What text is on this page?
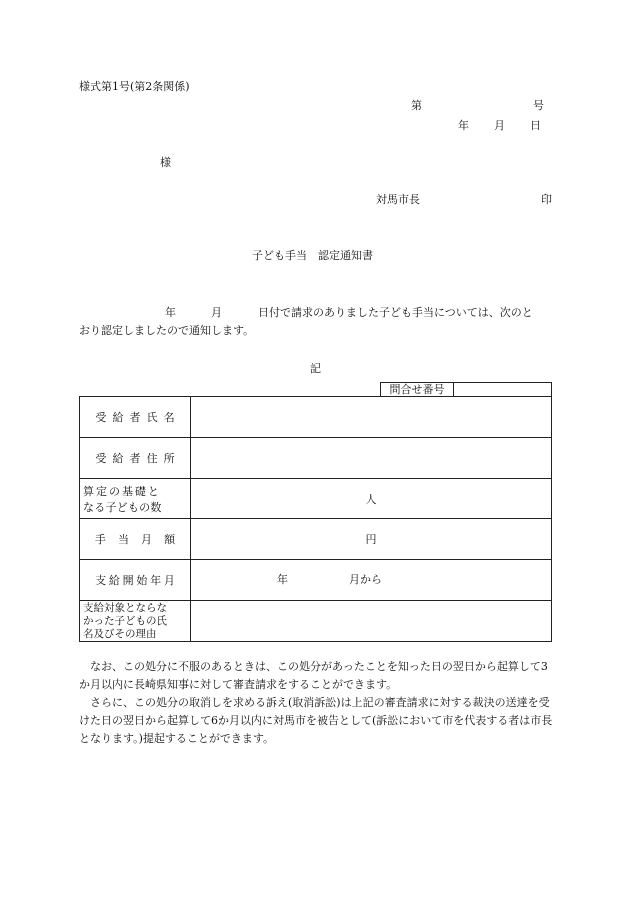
様式第1号(第2条関係)
第	号
年 月 日
様
対馬市長	印
子ども手当　認定通知書
年	月	日付で請求のありました子ども手当については、次のと
おり認定しましたので通知します。
記
問合せ番号
受給者氏名	
受給者住所	

算定の基礎と
なる子どもの数	人
手当月額	円
支給開始年月	年 月から

支給対象とならな
かった子どもの氏
名及びその理由	

なお、この処分に不服のあるときは、この処分があったことを知った日の翌日から起算して3か月以内に長崎県知事に対して審査請求をすることができます。

さらに、この処分の取消しを求める訴え(取消訴訟)は上記の審査請求に対する裁決の送達を受けた日の翌日から起算して6か月以内に対馬市を被告として(訴訟において市を代表する者は市長となります。)提起することができます。
